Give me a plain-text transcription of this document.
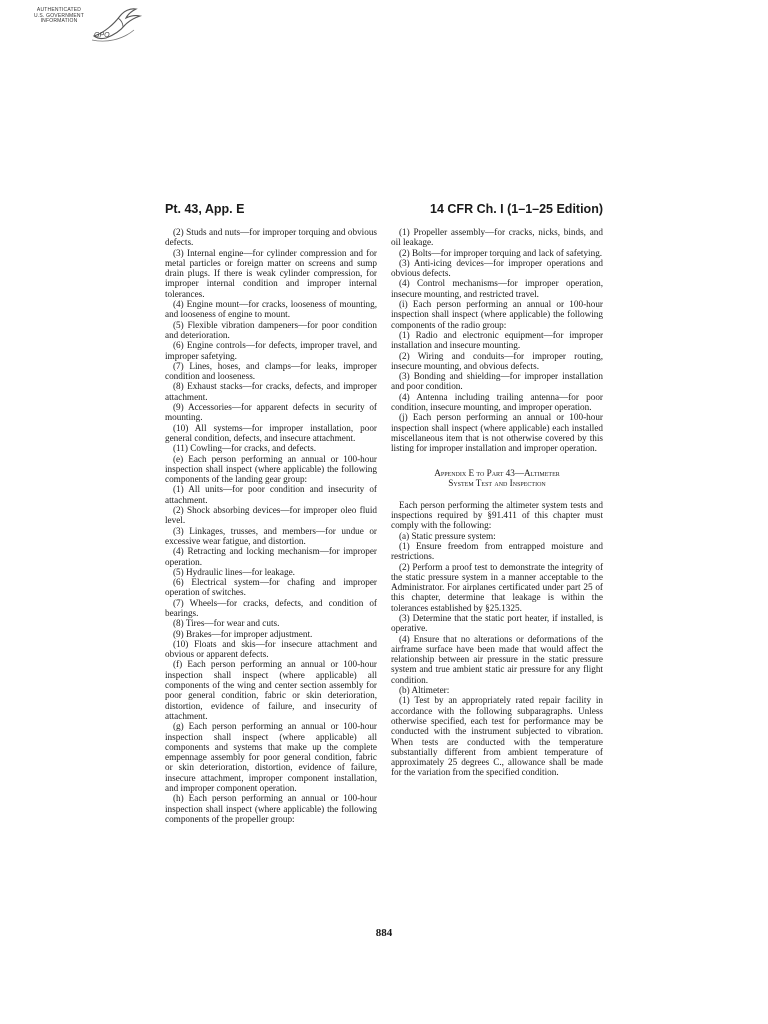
AUTHENTICATED
U.S. GOVERNMENT
INFORMATION
GPO
Pt. 43, App. E	14 CFR Ch. I (1–1–25 Edition)

(2) Studs and nuts—for improper torquing and obvious defects.

(3) Internal engine—for cylinder compression and for metal particles or foreign matter on screens and sump drain plugs. If there is weak cylinder compression, for improper internal condition and improper internal tolerances.

(4) Engine mount—for cracks, looseness of mounting, and looseness of engine to mount.

(5) Flexible vibration dampeners—for poor condition and deterioration.

(6) Engine controls—for defects, improper travel, and improper safetying.

(7) Lines, hoses, and clamps—for leaks, improper condition and looseness.

(8) Exhaust stacks—for cracks, defects, and improper attachment.

(9) Accessories—for apparent defects in security of mounting.

(10) All systems—for improper installation, poor general condition, defects, and insecure attachment.

(11) Cowling—for cracks, and defects.

(e) Each person performing an annual or 100-hour inspection shall inspect (where applicable) the following components of the landing gear group:

(1) All units—for poor condition and insecurity of attachment.

(2) Shock absorbing devices—for improper oleo fluid level.

(3) Linkages, trusses, and members—for undue or excessive wear fatigue, and distortion.

(4) Retracting and locking mechanism—for improper operation.

(5) Hydraulic lines—for leakage.

(6) Electrical system—for chafing and improper operation of switches.

(7) Wheels—for cracks, defects, and condition of bearings.

(8) Tires—for wear and cuts.

(9) Brakes—for improper adjustment.

(10) Floats and skis—for insecure attachment and obvious or apparent defects.

(f) Each person performing an annual or 100-hour inspection shall inspect (where applicable) all components of the wing and center section assembly for poor general condition, fabric or skin deterioration, distortion, evidence of failure, and insecurity of attachment.

(g) Each person performing an annual or 100-hour inspection shall inspect (where applicable) all components and systems that make up the complete empennage assembly for poor general condition, fabric or skin deterioration, distortion, evidence of failure, insecure attachment, improper component installation, and improper component operation.

(h) Each person performing an annual or 100-hour inspection shall inspect (where applicable) the following components of the propeller group:

(1) Propeller assembly—for cracks, nicks, binds, and oil leakage.

(2) Bolts—for improper torquing and lack of safetying.

(3) Anti-icing devices—for improper operations and obvious defects.

(4) Control mechanisms—for improper operation, insecure mounting, and restricted travel.

(i) Each person performing an annual or 100-hour inspection shall inspect (where applicable) the following components of the radio group:

(1) Radio and electronic equipment—for improper installation and insecure mounting.

(2) Wiring and conduits—for improper routing, insecure mounting, and obvious defects.

(3) Bonding and shielding—for improper installation and poor condition.

(4) Antenna including trailing antenna—for poor condition, insecure mounting, and improper operation.

(j) Each person performing an annual or 100-hour inspection shall inspect (where applicable) each installed miscellaneous item that is not otherwise covered by this listing for improper installation and improper operation.

Appendix E to Part 43—Altimeter
System Test and Inspection

Each person performing the altimeter system tests and inspections required by §91.411 of this chapter must comply with the following:

(a) Static pressure system:

(1) Ensure freedom from entrapped moisture and restrictions.

(2) Perform a proof test to demonstrate the integrity of the static pressure system in a manner acceptable to the Administrator. For airplanes certificated under part 25 of this chapter, determine that leakage is within the tolerances established by §25.1325.

(3) Determine that the static port heater, if installed, is operative.

(4) Ensure that no alterations or deformations of the airframe surface have been made that would affect the relationship between air pressure in the static pressure system and true ambient static air pressure for any flight condition.

(b) Altimeter:

(1) Test by an appropriately rated repair facility in accordance with the following subparagraphs. Unless otherwise specified, each test for performance may be conducted with the instrument subjected to vibration. When tests are conducted with the temperature substantially different from ambient temperature of approximately 25 degrees C., allowance shall be made for the variation from the specified condition.

884
